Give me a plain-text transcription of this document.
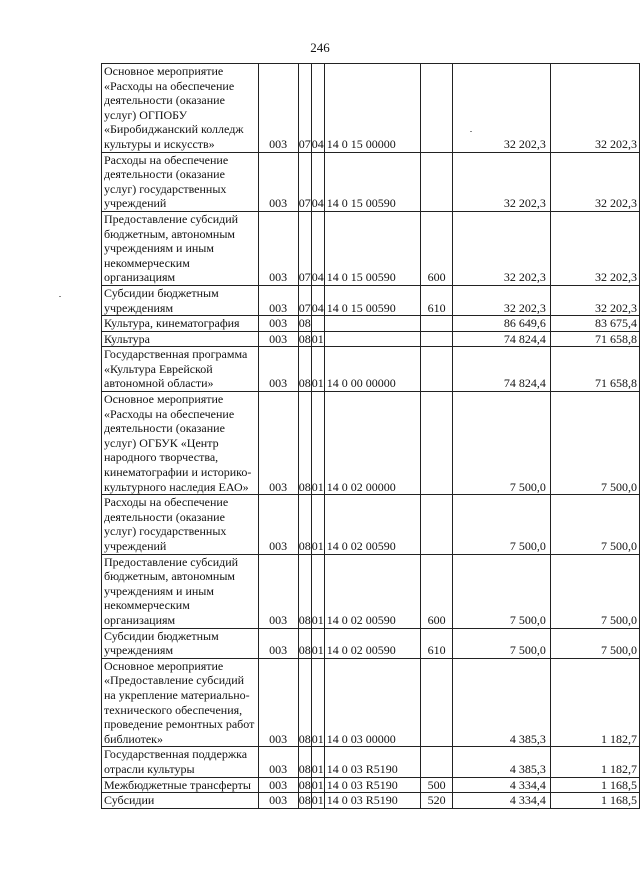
246
Основное мероприятие «Расходы на обеспечение деятельности (оказание услуг) ОГПОБУ «Биробиджанский колледж культуры и искусств»	003	07	04	14 0 15 00000		32 202,3	32 202,3
Расходы на обеспечение деятельности (оказание услуг) государственных учреждений	003	07	04	14 0 15 00590		32 202,3	32 202,3
Предоставление субсидий бюджетным, автономным учреждениям и иным некоммерческим организациям	003	07	04	14 0 15 00590	600	32 202,3	32 202,3
Субсидии бюджетным учреждениям	003	07	04	14 0 15 00590	610	32 202,3	32 202,3
Культура, кинематография	003	08				86 649,6	83 675,4
Культура	003	08	01			74 824,4	71 658,8
Государственная программа «Культура Еврейской автономной области»	003	08	01	14 0 00 00000		74 824,4	71 658,8
Основное мероприятие «Расходы на обеспечение деятельности (оказание услуг) ОГБУК «Центр народного творчества, кинематографии и историко-культурного наследия ЕАО»	003	08	01	14 0 02 00000		7 500,0	7 500,0
Расходы на обеспечение деятельности (оказание услуг) государственных учреждений	003	08	01	14 0 02 00590		7 500,0	7 500,0
Предоставление субсидий бюджетным, автономным учреждениям и иным некоммерческим организациям	003	08	01	14 0 02 00590	600	7 500,0	7 500,0
Субсидии бюджетным учреждениям	003	08	01	14 0 02 00590	610	7 500,0	7 500,0
Основное мероприятие «Предоставление субсидий на укрепление материально-технического обеспечения, проведение ремонтных работ библиотек»	003	08	01	14 0 03 00000		4 385,3	1 182,7
Государственная поддержка отрасли культуры	003	08	01	14 0 03 R5190		4 385,3	1 182,7
Межбюджетные трансферты	003	08	01	14 0 03 R5190	500	4 334,4	1 168,5
Субсидии	003	08	01	14 0 03 R5190	520	4 334,4	1 168,5
